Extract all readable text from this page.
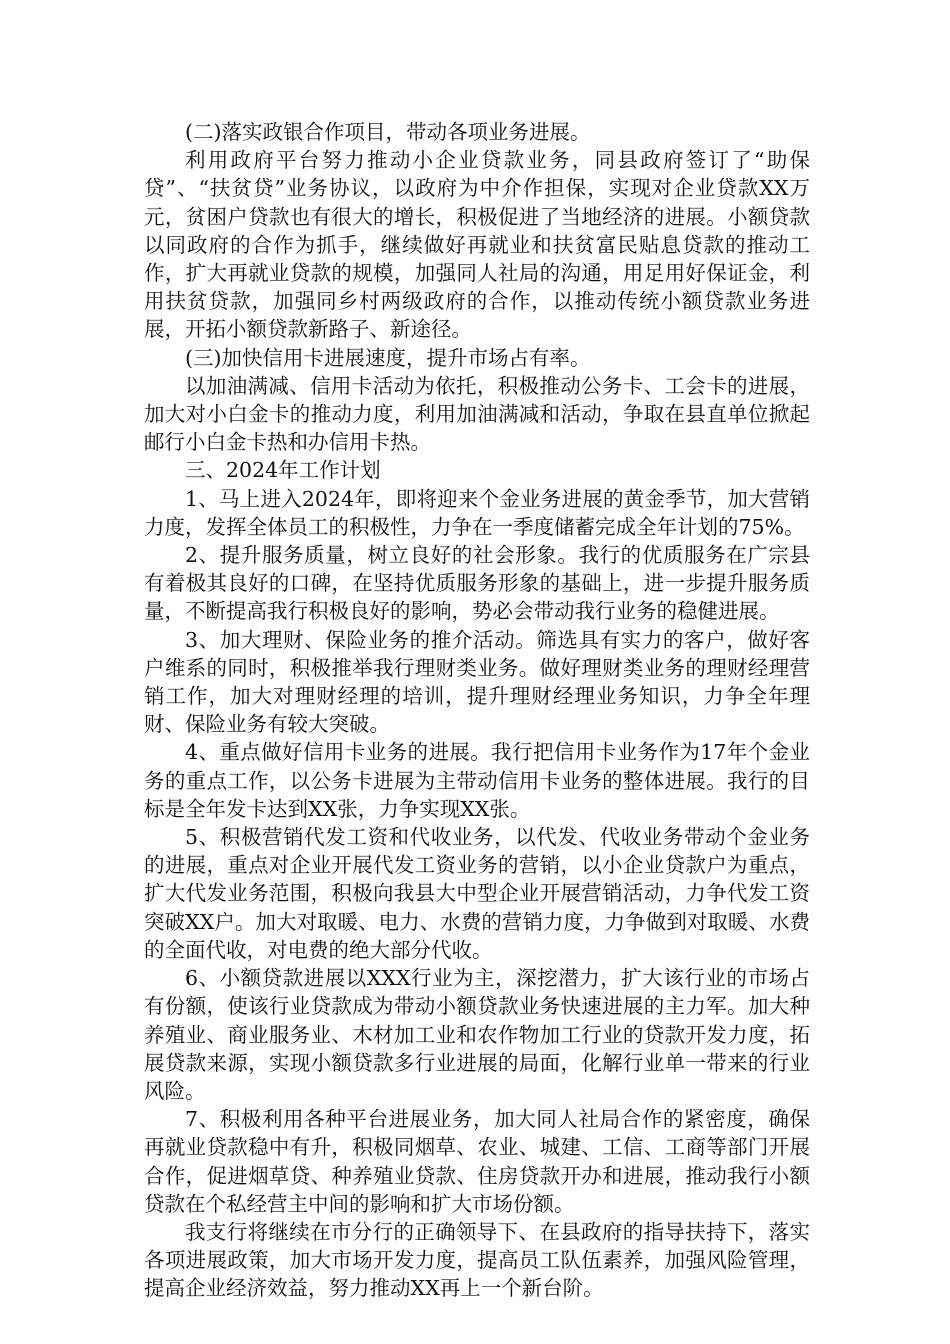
(二)落实政银合作项目，带动各项业务进展。

利用政府平台努力推动小企业贷款业务，同县政府签订了“助保贷”、“扶贫贷”业务协议，以政府为中介作担保，实现对企业贷款XX万元，贫困户贷款也有很大的增长，积极促进了当地经济的进展。小额贷款以同政府的合作为抓手，继续做好再就业和扶贫富民贴息贷款的推动工作，扩大再就业贷款的规模，加强同人社局的沟通，用足用好保证金，利用扶贫贷款，加强同乡村两级政府的合作，以推动传统小额贷款业务进展，开拓小额贷款新路子、新途径。

(三)加快信用卡进展速度，提升市场占有率。

以加油满减、信用卡活动为依托，积极推动公务卡、工会卡的进展，加大对小白金卡的推动力度，利用加油满减和活动，争取在县直单位掀起邮行小白金卡热和办信用卡热。

三、2024年工作计划

1、马上进入2024年，即将迎来个金业务进展的黄金季节，加大营销力度，发挥全体员工的积极性，力争在一季度储蓄完成全年计划的75%。

2、提升服务质量，树立良好的社会形象。我行的优质服务在广宗县有着极其良好的口碑，在坚持优质服务形象的基础上，进一步提升服务质量，不断提高我行积极良好的影响，势必会带动我行业务的稳健进展。

3、加大理财、保险业务的推介活动。筛选具有实力的客户，做好客户维系的同时，积极推举我行理财类业务。做好理财类业务的理财经理营销工作，加大对理财经理的培训，提升理财经理业务知识，力争全年理财、保险业务有较大突破。

4、重点做好信用卡业务的进展。我行把信用卡业务作为17年个金业务的重点工作，以公务卡进展为主带动信用卡业务的整体进展。我行的目标是全年发卡达到XX张，力争实现XX张。

5、积极营销代发工资和代收业务，以代发、代收业务带动个金业务的进展，重点对企业开展代发工资业务的营销，以小企业贷款户为重点，扩大代发业务范围，积极向我县大中型企业开展营销活动，力争代发工资突破XX户。加大对取暖、电力、水费的营销力度，力争做到对取暖、水费的全面代收，对电费的绝大部分代收。

6、小额贷款进展以XXX行业为主，深挖潜力，扩大该行业的市场占有份额，使该行业贷款成为带动小额贷款业务快速进展的主力军。加大种养殖业、商业服务业、木材加工业和农作物加工行业的贷款开发力度，拓展贷款来源，实现小额贷款多行业进展的局面，化解行业单一带来的行业风险。

7、积极利用各种平台进展业务，加大同人社局合作的紧密度，确保再就业贷款稳中有升，积极同烟草、农业、城建、工信、工商等部门开展合作，促进烟草贷、种养殖业贷款、住房贷款开办和进展，推动我行小额贷款在个私经营主中间的影响和扩大市场份额。

我支行将继续在市分行的正确领导下、在县政府的指导扶持下，落实各项进展政策，加大市场开发力度，提高员工队伍素养，加强风险管理，提高企业经济效益，努力推动XX再上一个新台阶。
